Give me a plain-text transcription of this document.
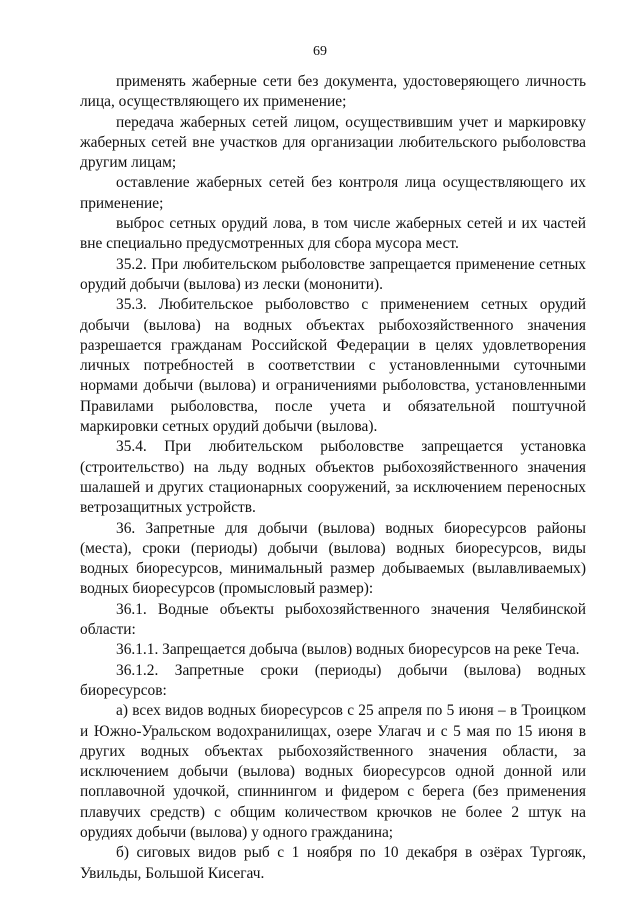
69

применять жаберные сети без документа, удостоверяющего личность лица, осуществляющего их применение;

передача жаберных сетей лицом, осуществившим учет и маркировку жаберных сетей вне участков для организации любительского рыболовства другим лицам;

оставление жаберных сетей без контроля лица осуществляющего их применение;

выброс сетных орудий лова, в том числе жаберных сетей и их частей вне специально предусмотренных для сбора мусора мест.

35.2. При любительском рыболовстве запрещается применение сетных орудий добычи (вылова) из лески (мононити).

35.3. Любительское рыболовство с применением сетных орудий добычи (вылова) на водных объектах рыбохозяйственного значения разрешается гражданам Российской Федерации в целях удовлетворения личных потребностей в соответствии с установленными суточными нормами добычи (вылова) и ограничениями рыболовства, установленными Правилами рыболовства, после учета и обязательной поштучной маркировки сетных орудий добычи (вылова).

35.4. При любительском рыболовстве запрещается установка (строительство) на льду водных объектов рыбохозяйственного значения шалашей и других стационарных сооружений, за исключением переносных ветрозащитных устройств.

36. Запретные для добычи (вылова) водных биоресурсов районы (места), сроки (периоды) добычи (вылова) водных биоресурсов, виды водных биоресурсов, минимальный размер добываемых (вылавливаемых) водных биоресурсов (промысловый размер):

36.1. Водные объекты рыбохозяйственного значения Челябинской области:

36.1.1. Запрещается добыча (вылов) водных биоресурсов на реке Теча.

36.1.2. Запретные сроки (периоды) добычи (вылова) водных биоресурсов:

а) всех видов водных биоресурсов с 25 апреля по 5 июня – в Троицком и Южно-Уральском водохранилищах, озере Улагач и с 5 мая по 15 июня в других водных объектах рыбохозяйственного значения области, за исключением добычи (вылова) водных биоресурсов одной донной или поплавочной удочкой, спиннингом и фидером с берега (без применения плавучих средств) с общим количеством крючков не более 2 штук на орудиях добычи (вылова) у одного гражданина;

б) сиговых видов рыб с 1 ноября по 10 декабря в озёрах Тургояк, Увильды, Большой Кисегач.
